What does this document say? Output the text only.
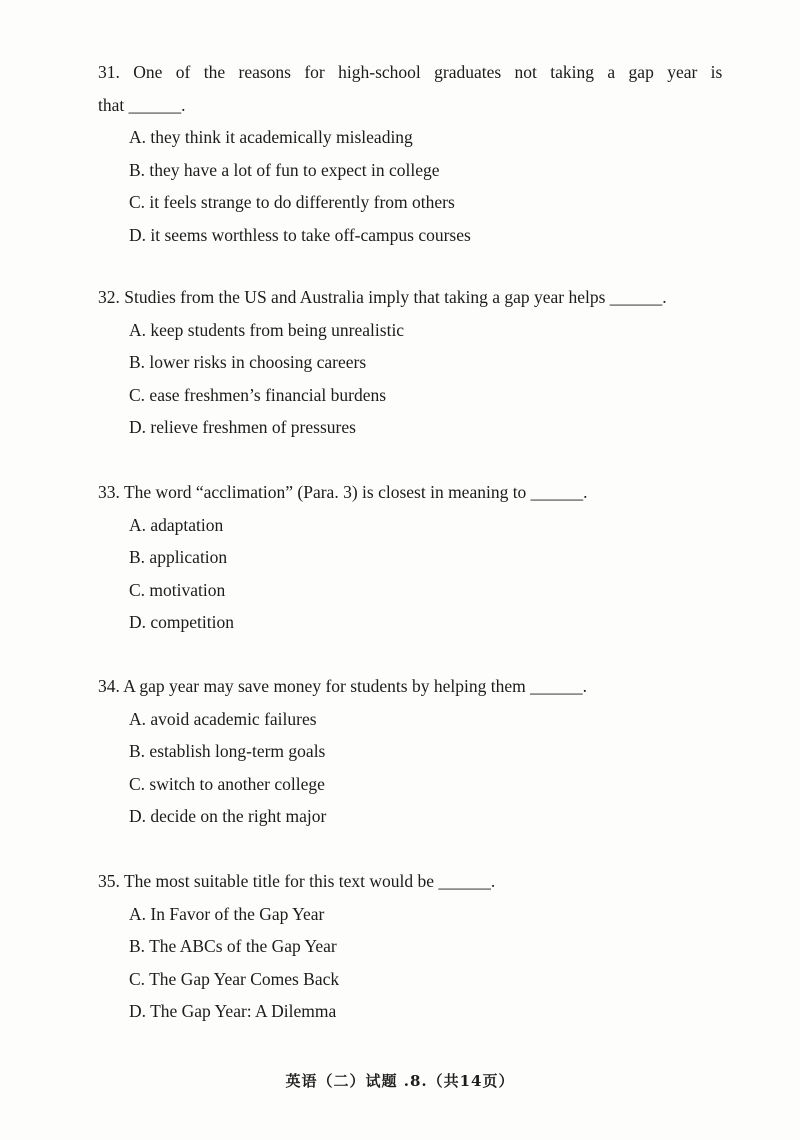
31. One of the reasons for high-school graduates not taking a gap year is
that ______.

A. they think it academically misleading
B. they have a lot of fun to expect in college
C. it feels strange to do differently from others
D. it seems worthless to take off-campus courses

32. Studies from the US and Australia imply that taking a gap year helps ______.

A. keep students from being unrealistic
B. lower risks in choosing careers
C. ease freshmen’s financial burdens
D. relieve freshmen of pressures

33. The word “acclimation” (Para. 3) is closest in meaning to ______.

A. adaptation
B. application
C. motivation
D. competition

34. A gap year may save money for students by helping them ______.

A. avoid academic failures
B. establish long-term goals
C. switch to another college
D. decide on the right major

35. The most suitable title for this text would be ______.

A. In Favor of the Gap Year
B. The ABCs of the Gap Year
C. The Gap Year Comes Back
D. The Gap Year: A Dilemma
英语（二）试题 .8.（共14页）
